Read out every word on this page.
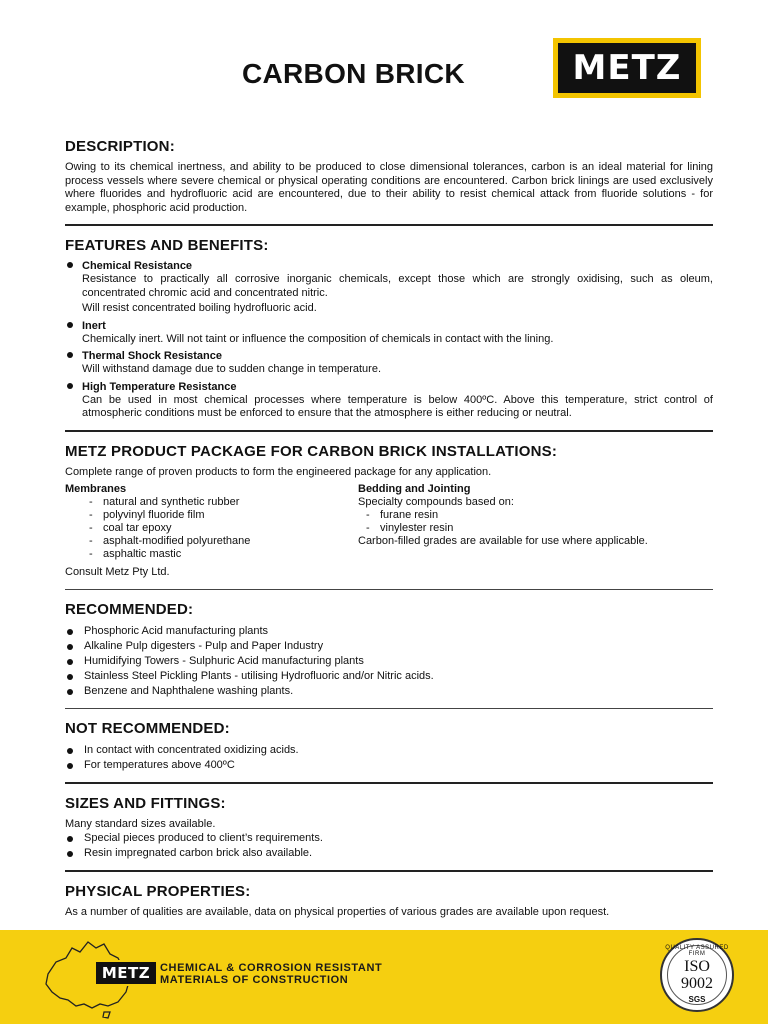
CARBON BRICK	METZ
DESCRIPTION:

Owing to its chemical inertness, and ability to be produced to close dimensional tolerances, carbon is an ideal material for lining process vessels where severe chemical or physical operating conditions are encountered. Carbon brick linings are used exclusively where fluorides and hydrofluoric acid are encountered, due to their ability to resist chemical attack from fluoride solutions - for example, phosphoric acid production.

FEATURES AND BENEFITS:
Chemical Resistance

Resistance to practically all corrosive inorganic chemicals, except those which are strongly oxidising, such as oleum, concentrated chromic acid and concentrated nitric.

Will resist concentrated boiling hydrofluoric acid.

Inert

Chemically inert. Will not taint or influence the composition of chemicals in contact with the lining.

Thermal Shock Resistance

Will withstand damage due to sudden change in temperature.

High Temperature Resistance

Can be used in most chemical processes where temperature is below 400ºC. Above this temperature, strict control of atmospheric conditions must be enforced to ensure that the atmosphere is either reducing or neutral.

METZ PRODUCT PACKAGE FOR CARBON BRICK INSTALLATIONS:

Complete range of proven products to form the engineered package for any application.

Membranes
- natural and synthetic rubber
- polyvinyl fluoride film
- coal tar epoxy
- asphalt-modified polyurethane
- asphaltic mastic
Bedding and Jointing
Specialty compounds based on:
- furane resin
- vinylester resin
Carbon-filled grades are available for use where applicable.

Consult Metz Pty Ltd.

RECOMMENDED:
Phosphoric Acid manufacturing plants
Alkaline Pulp digesters - Pulp and Paper Industry
Humidifying Towers - Sulphuric Acid manufacturing plants
Stainless Steel Pickling Plants - utilising Hydrofluoric and/or Nitric acids.
Benzene and Naphthalene washing plants.
NOT RECOMMENDED:
In contact with concentrated oxidizing acids.
For temperatures above 400ºC
SIZES AND FITTINGS:

Many standard sizes available.

Special pieces produced to client’s requirements.
Resin impregnated carbon brick also available.
PHYSICAL PROPERTIES:

As a number of qualities are available, data on physical properties of various grades are available upon request.

METZ CHEMICAL & CORROSION RESISTANT
MATERIALS OF CONSTRUCTION
QUALITY ASSURED FIRM
ISO
9002
SGS
